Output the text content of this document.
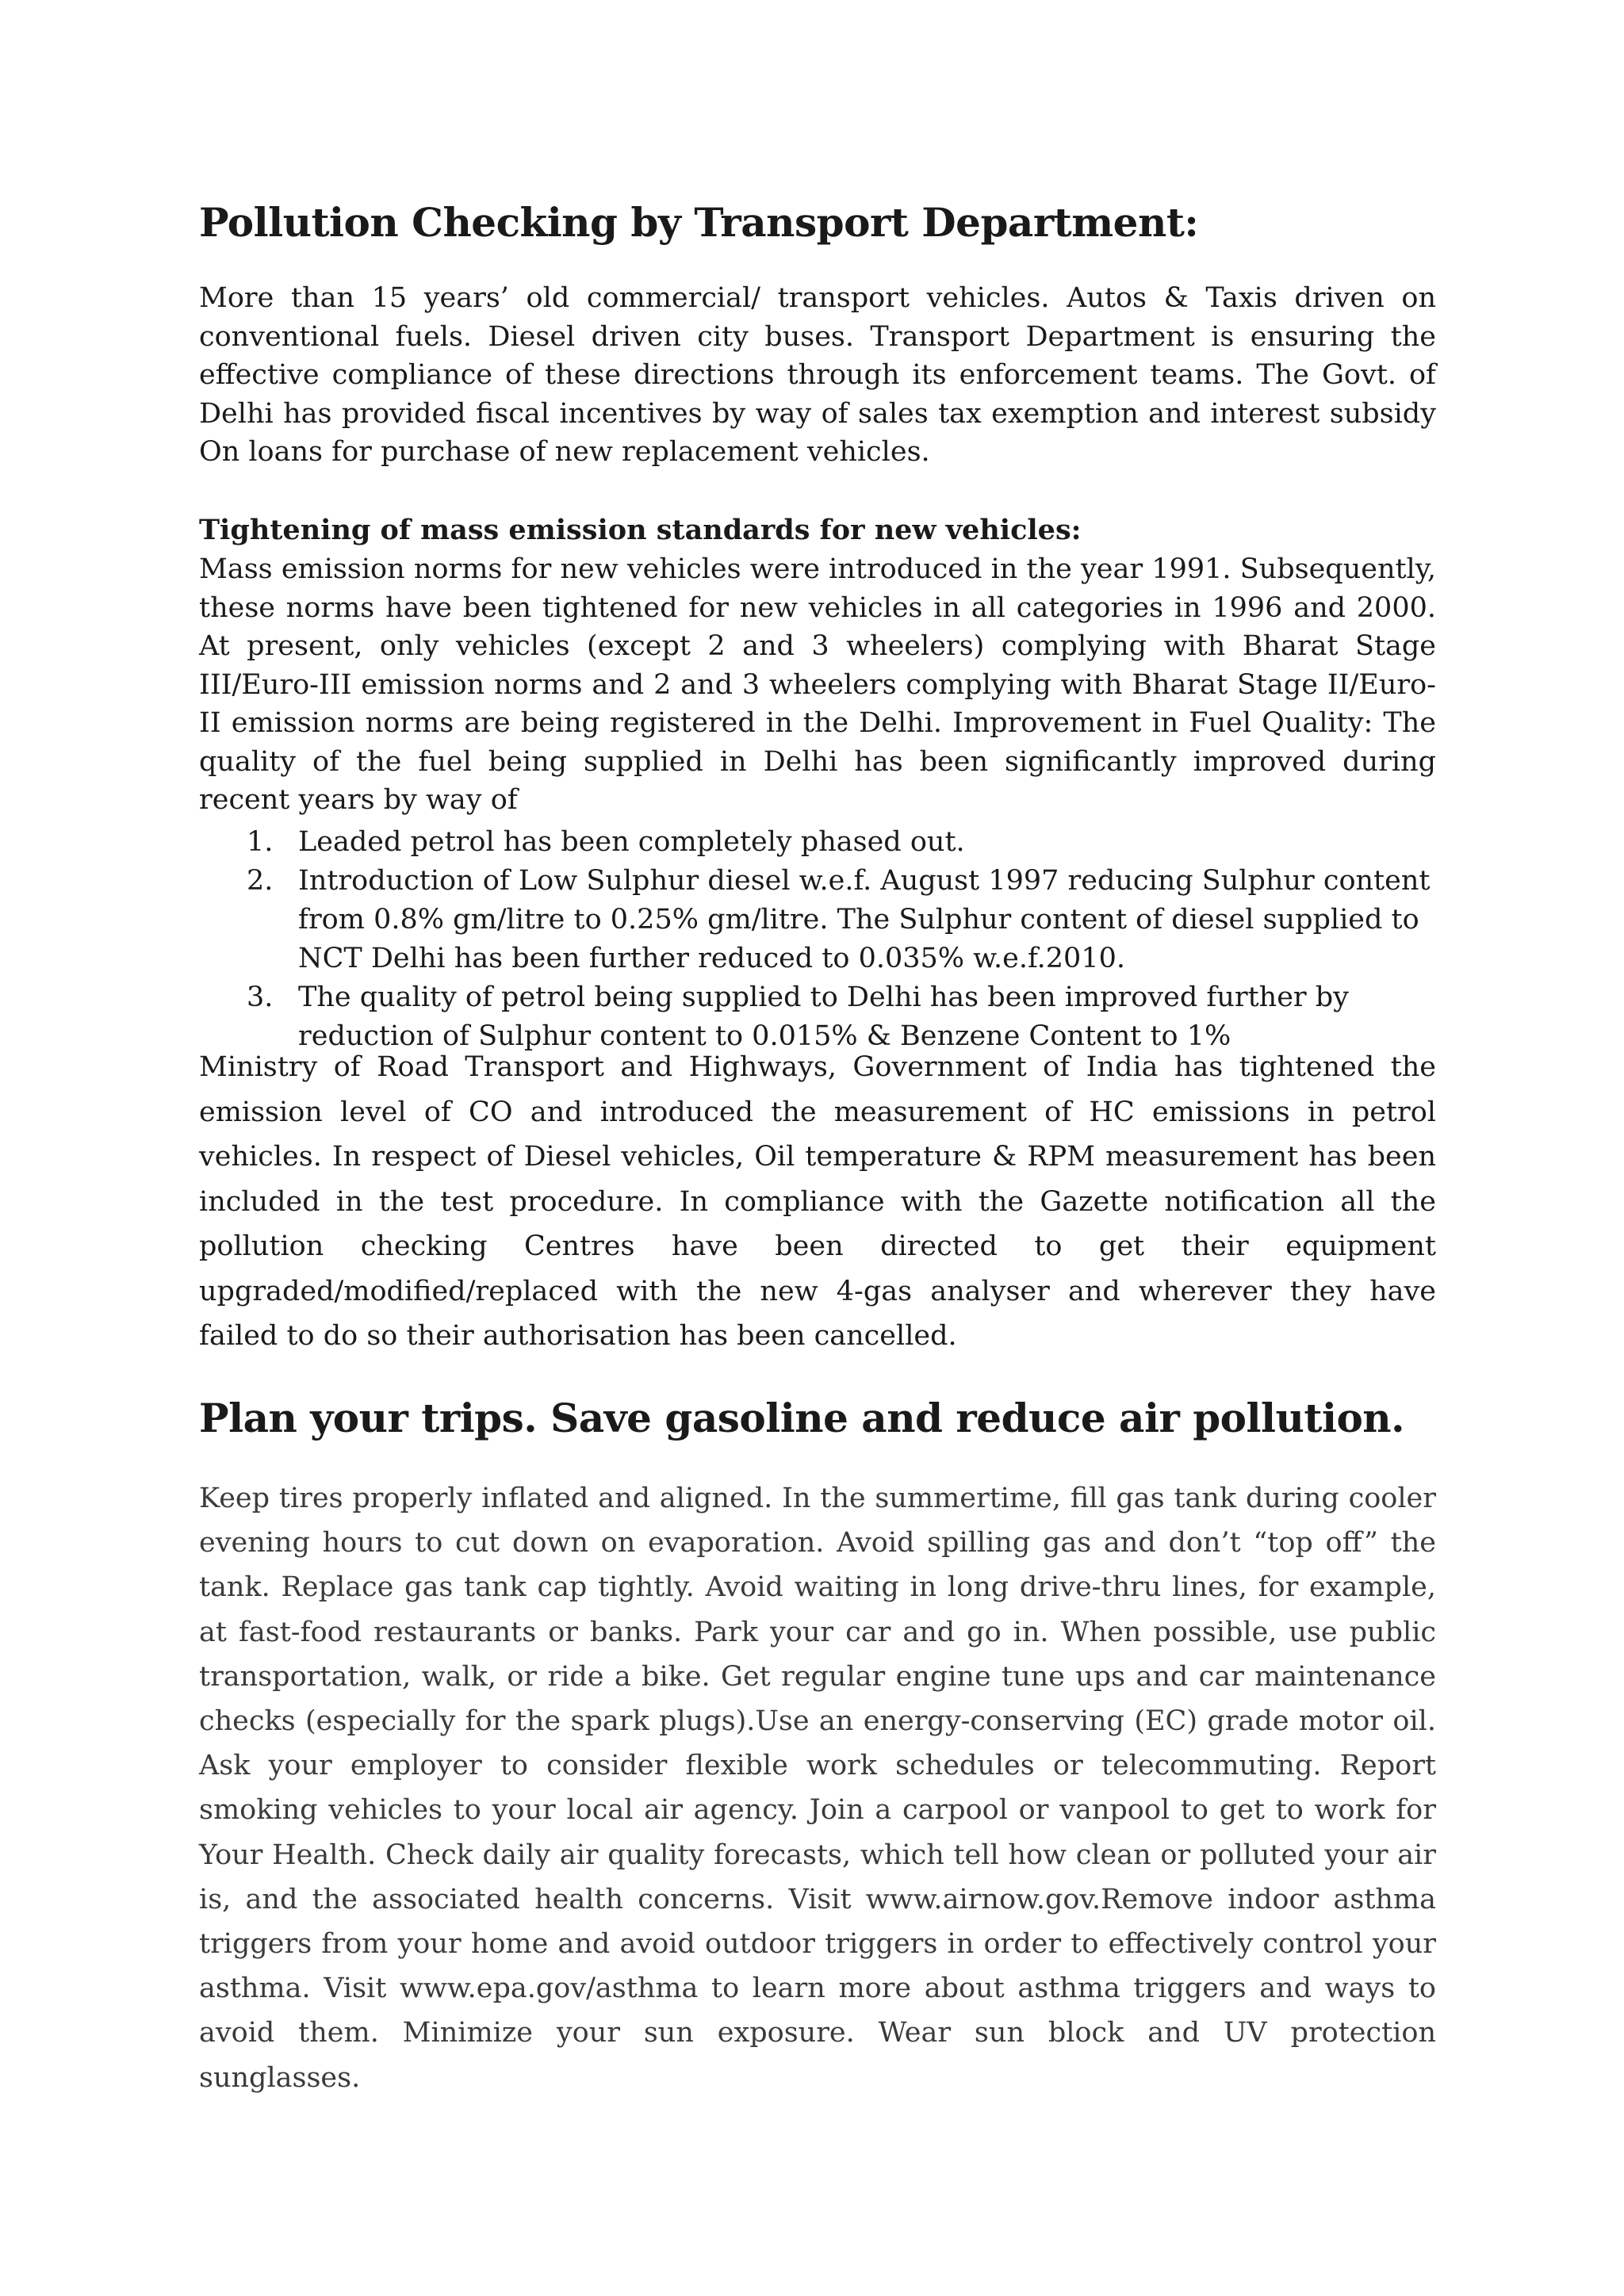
Pollution Checking by Transport Department:

More than 15 years’ old commercial/ transport vehicles. Autos & Taxis driven on conventional fuels. Diesel driven city buses. Transport Department is ensuring the effective compliance of these directions through its enforcement teams. The Govt. of Delhi has provided fiscal incentives by way of sales tax exemption and interest subsidy On loans for purchase of new replacement vehicles.

Tightening of mass emission standards for new vehicles:

Mass emission norms for new vehicles were introduced in the year 1991. Subsequently, these norms have been tightened for new vehicles in all categories in 1996 and 2000. At present, only vehicles (except 2 and 3 wheelers) complying with Bharat Stage III/Euro-III emission norms and 2 and 3 wheelers complying with Bharat Stage II/Euro-II emission norms are being registered in the Delhi. Improvement in Fuel Quality: The quality of the fuel being supplied in Delhi has been significantly improved during recent years by way of

1. Leaded petrol has been completely phased out.
2. Introduction of Low Sulphur diesel w.e.f. August 1997 reducing Sulphur content from 0.8% gm/litre to 0.25% gm/litre. The Sulphur content of diesel supplied to NCT Delhi has been further reduced to 0.035% w.e.f.2010.
3. The quality of petrol being supplied to Delhi has been improved further by reduction of Sulphur content to 0.015% & Benzene Content to 1%

Ministry of Road Transport and Highways, Government of India has tightened the emission level of CO and introduced the measurement of HC emissions in petrol vehicles. In respect of Diesel vehicles, Oil temperature & RPM measurement has been included in the test procedure. In compliance with the Gazette notification all the pollution checking Centres have been directed to get their equipment upgraded/modified/replaced with the new 4-gas analyser and wherever they have failed to do so their authorisation has been cancelled.

Plan your trips. Save gasoline and reduce air pollution.

Keep tires properly inflated and aligned. In the summertime, fill gas tank during cooler evening hours to cut down on evaporation. Avoid spilling gas and don’t “top off” the tank. Replace gas tank cap tightly. Avoid waiting in long drive-thru lines, for example, at fast-food restaurants or banks. Park your car and go in. When possible, use public transportation, walk, or ride a bike. Get regular engine tune ups and car maintenance checks (especially for the spark plugs).Use an energy-conserving (EC) grade motor oil. Ask your employer to consider flexible work schedules or telecommuting. Report smoking vehicles to your local air agency. Join a carpool or vanpool to get to work for Your Health. Check daily air quality forecasts, which tell how clean or polluted your air is, and the associated health concerns. Visit www.airnow.gov.Remove indoor asthma triggers from your home and avoid outdoor triggers in order to effectively control your asthma. Visit www.epa.gov/asthma to learn more about asthma triggers and ways to avoid them. Minimize your sun exposure. Wear sun block and UV protection sunglasses.
